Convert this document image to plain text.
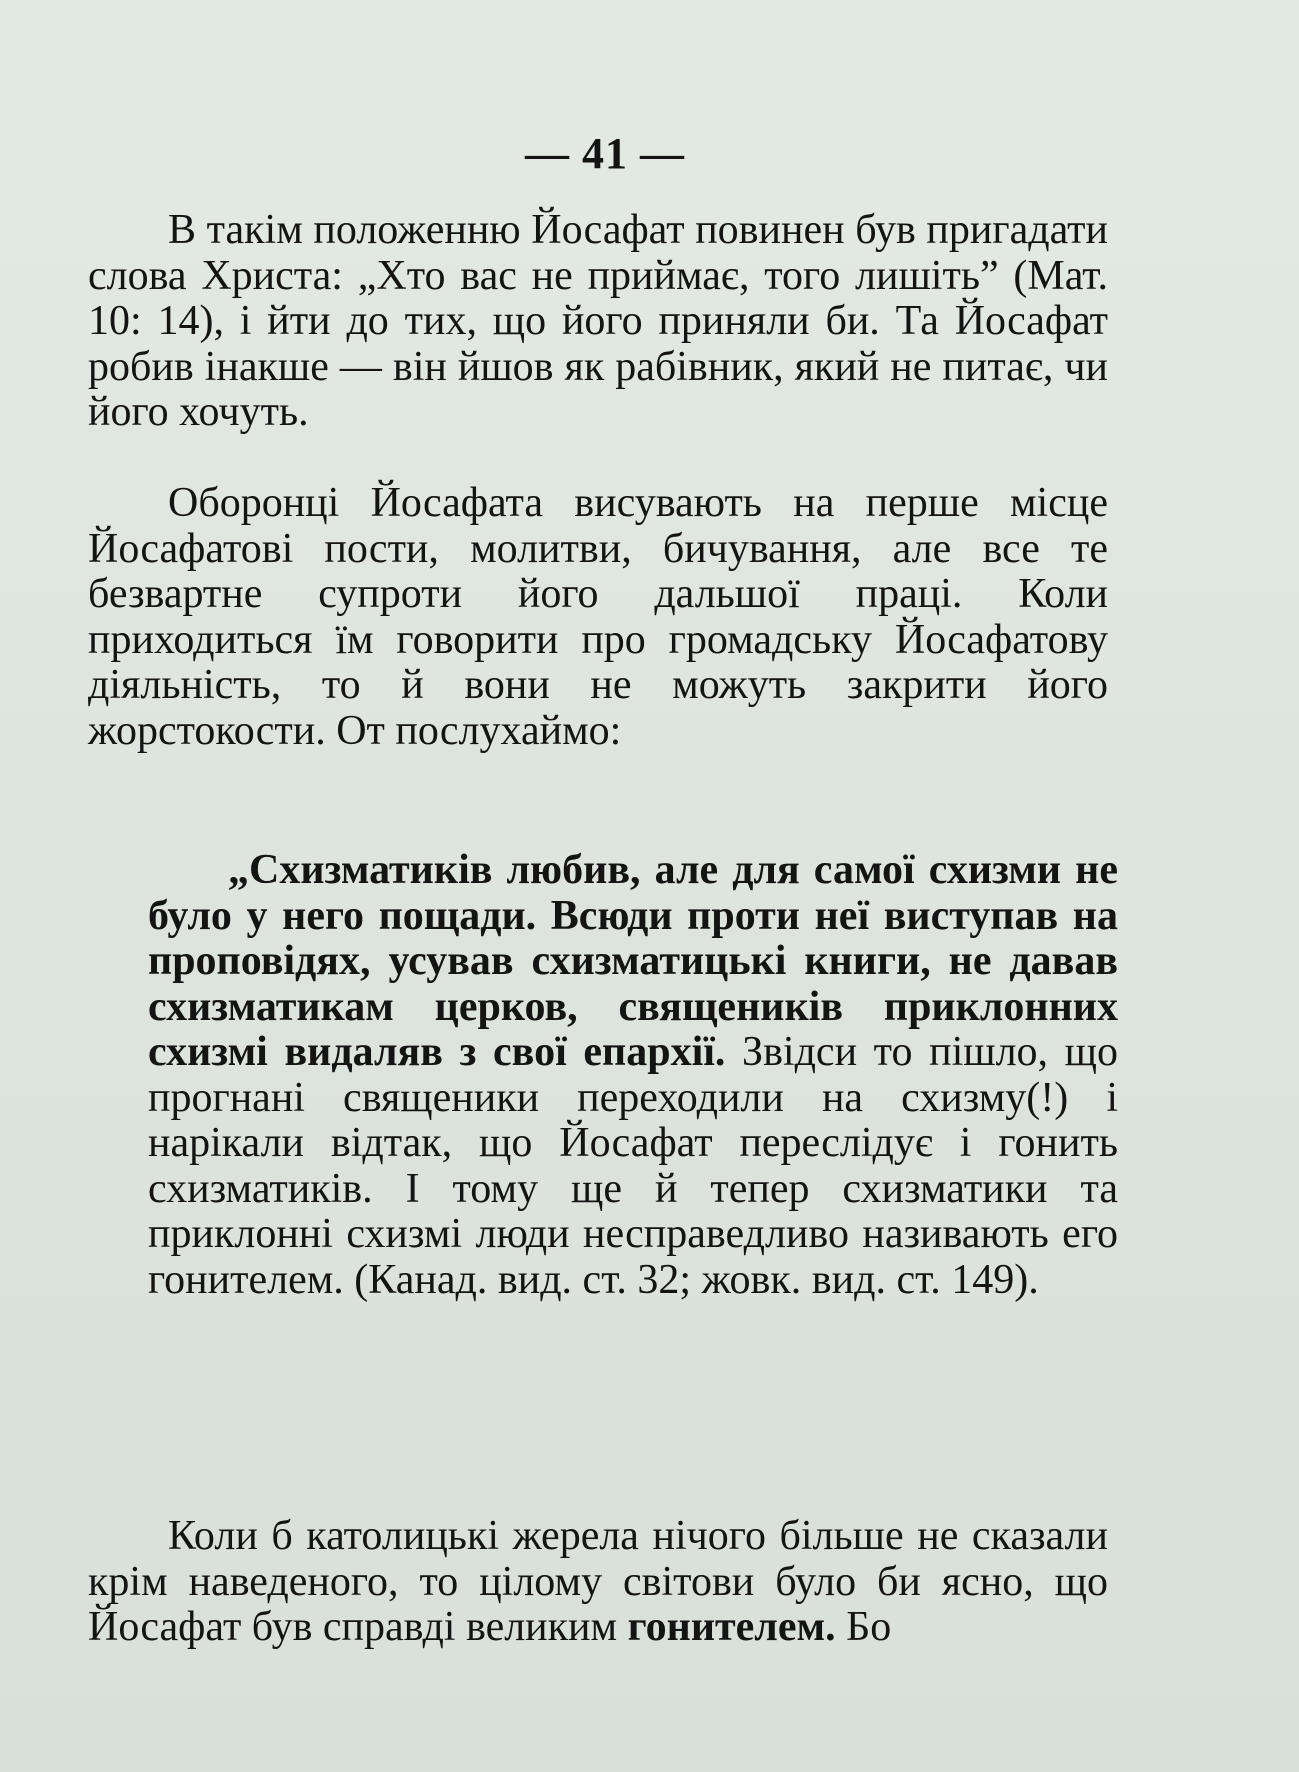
— 41 —

В такім положенню Йосафат повинен був пригадати слова Христа: „Хто вас не приймає, того лишіть” (Мат. 10: 14), і йти до тих, що його приняли би. Та Йосафат робив інакше — він йшов як рабівник, який не питає, чи його хочуть.

Оборонці Йосафата висувають на перше місце Йосафатові пости, молитви, бичування, але все те безвартне супроти його дальшої праці. Коли приходиться їм говорити про громадську Йосафатову діяльність, то й вони не можуть закрити його жорстокости. От послухаймо:

„Схизматиків любив, але для самої схизми не було у него пощади. Всюди проти неї виступав на проповідях, усував схизматицькі книги, не давав схизматикам церков, священиків приклонних схизмі видаляв з свої епархії. Звідси то пішло, що прогнані священики переходили на схизму(!) і нарікали відтак, що Йосафат переслідує і гонить схизматиків. І тому ще й тепер схизматики та приклонні схизмі люди несправедливо називають его гонителем. (Канад. вид. ст. 32; жовк. вид. ст. 149).

Коли б католицькі жерела нічого більше не сказали крім наведеного, то цілому світови було би ясно, що Йосафат був справді великим гонителем. Бо
